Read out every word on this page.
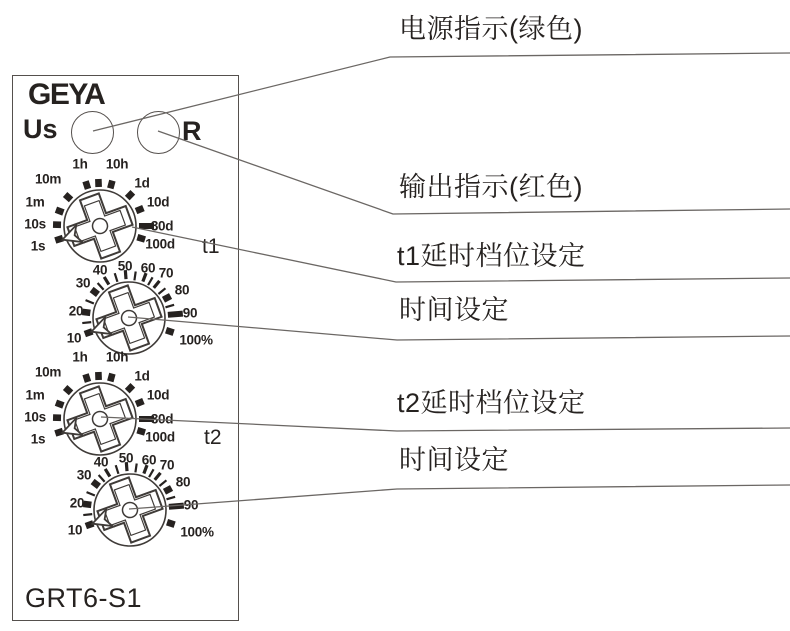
GEYA
Us	R
1s
10s
1m
10m
1h 10h
1d
10d
30d
100d
10
20
30
40 50 60 70
80
90
100%
1s
10s
1m
10m
1h 10h
1d
10d
30d
100d
10
20
30
40 50 60 70
80
90
100%
t1
t2
GRT6-S1
电源指示(绿色)
输出指示(红色)
t1延时档位设定
时间设定
t2延时档位设定
时间设定
